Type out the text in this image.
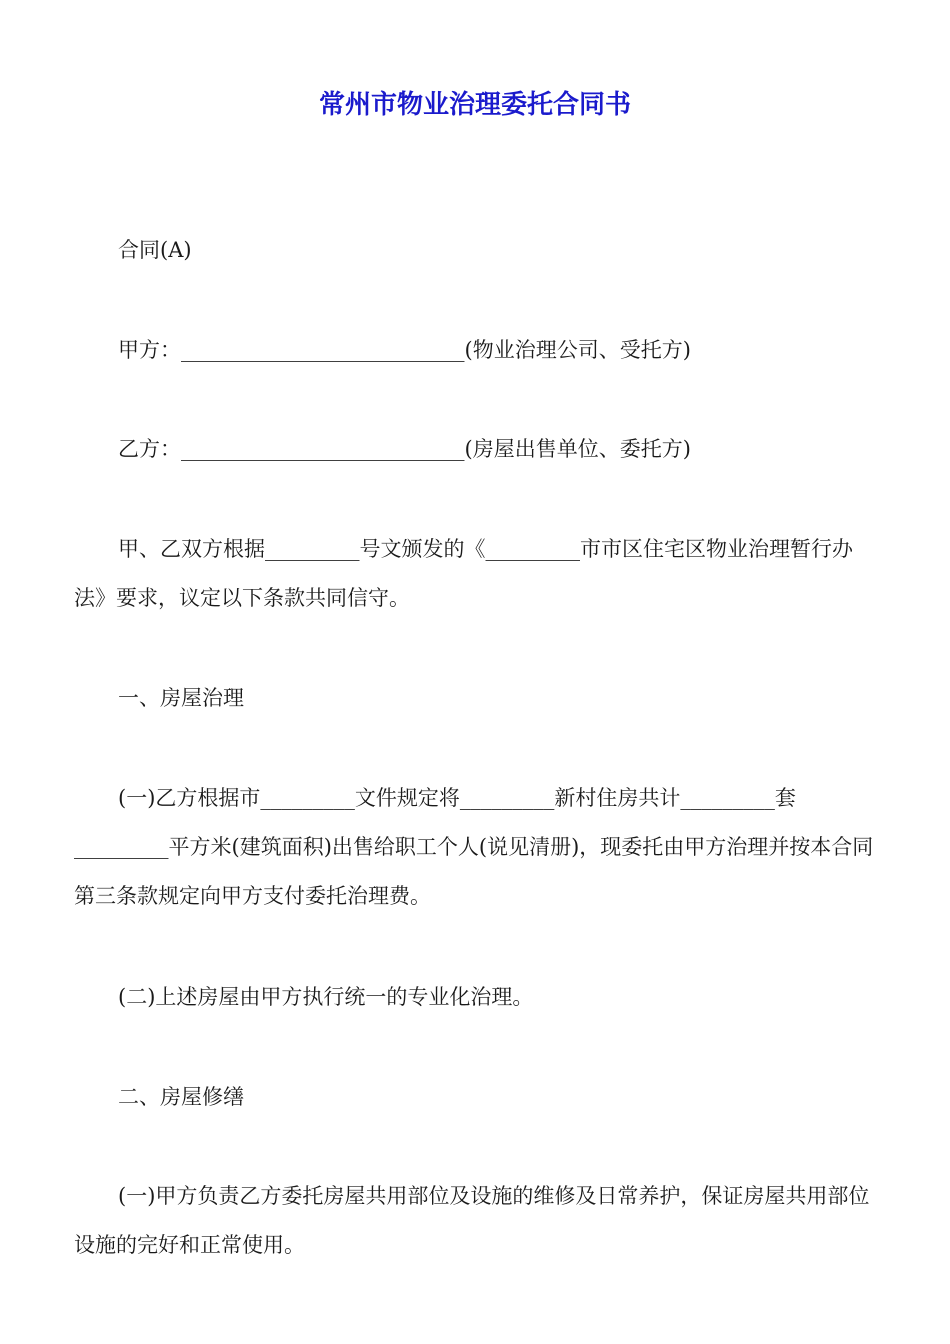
常州市物业治理委托合同书

合同(A)

甲方：___________________________(物业治理公司、受托方)

乙方：___________________________(房屋出售单位、委托方)

甲、乙双方根据_________号文颁发的《_________市市区住宅区物业治理暂行办法》要求，议定以下条款共同信守。

一、房屋治理

(一)乙方根据市_________文件规定将_________新村住房共计_________套_________平方米(建筑面积)出售给职工个人(说见清册)，现委托由甲方治理并按本合同第三条款规定向甲方支付委托治理费。

(二)上述房屋由甲方执行统一的专业化治理。

二、房屋修缮

(一)甲方负责乙方委托房屋共用部位及设施的维修及日常养护，保证房屋共用部位设施的完好和正常使用。
